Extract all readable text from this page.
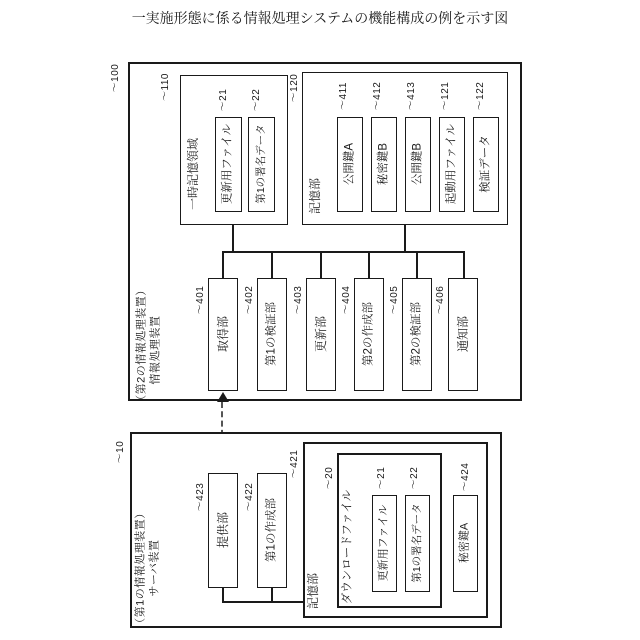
一実施形態に係る情報処理システムの機能構成の例を示す図
〜100
情報処理装置
（第2の情報処理装置）
〜110
一時記憶領域
〜21
更新用ファイル
〜22
第1の署名データ
〜120
記憶部
〜411
公開鍵A
〜412
秘密鍵B
〜413
公開鍵B
〜121
起動用ファイル
〜122
検証データ
〜401
取得部
〜402
第1の検証部 〜403
更新部
〜404
第2の作成部 〜405
第2の検証部 〜406
通知部
〜10
サーバ装置
（第1の情報処理装置）
〜423
提供部
〜422
第1の作成部
〜421
記憶部
〜20
ダウンロードファイル
〜21
更新用ファイル
〜22
第1の署名データ
〜424
秘密鍵A
